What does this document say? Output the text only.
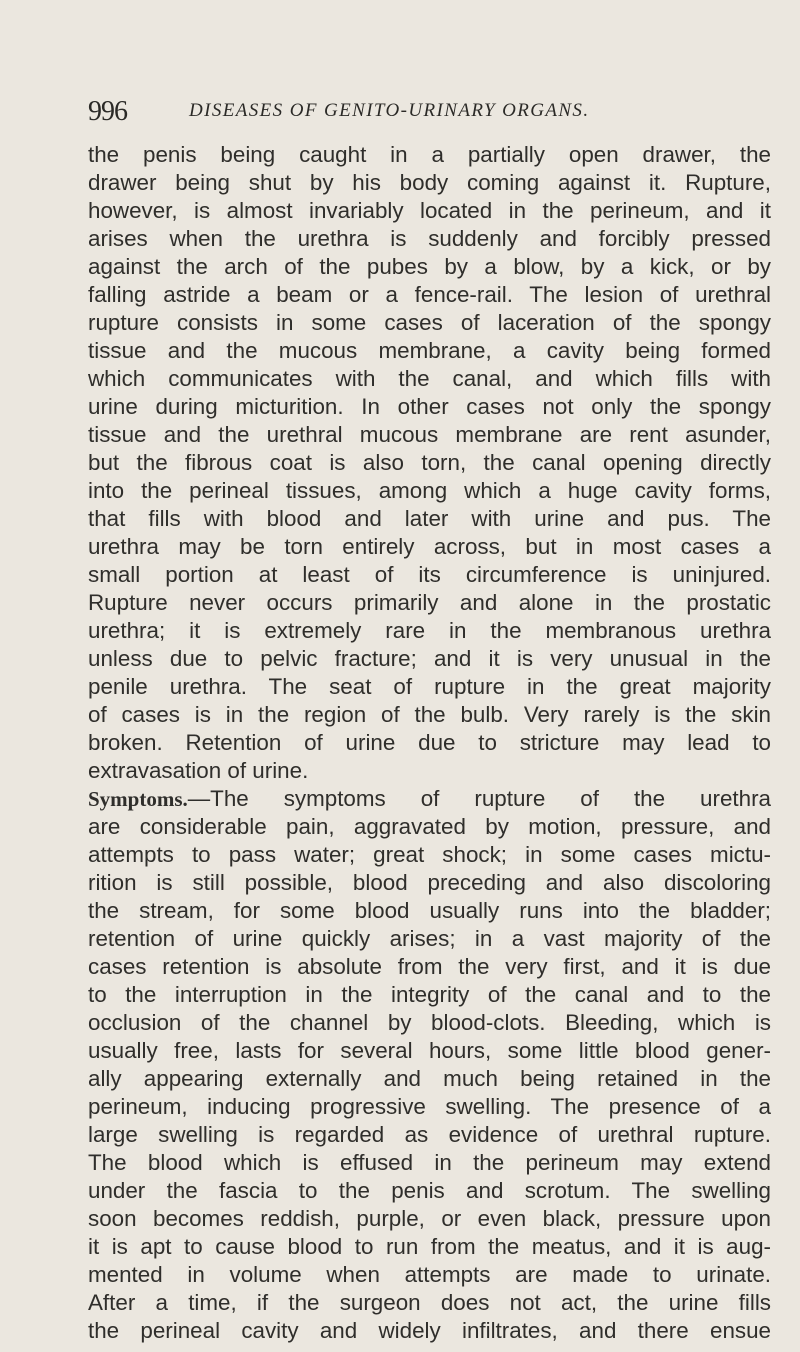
996	DISEASES OF GENITO-URINARY ORGANS.
the penis being caught in a partially open drawer, the
drawer being shut by his body coming against it. Rupture,
however, is almost invariably located in the perineum, and it
arises when the urethra is suddenly and forcibly pressed
against the arch of the pubes by a blow, by a kick, or by
falling astride a beam or a fence-rail. The lesion of urethral
rupture consists in some cases of laceration of the spongy
tissue and the mucous membrane, a cavity being formed
which communicates with the canal, and which fills with
urine during micturition. In other cases not only the spongy
tissue and the urethral mucous membrane are rent asunder,
but the fibrous coat is also torn, the canal opening directly
into the perineal tissues, among which a huge cavity forms,
that fills with blood and later with urine and pus. The
urethra may be torn entirely across, but in most cases a
small portion at least of its circumference is uninjured.
Rupture never occurs primarily and alone in the prostatic
urethra; it is extremely rare in the membranous urethra
unless due to pelvic fracture; and it is very unusual in the
penile urethra. The seat of rupture in the great majority
of cases is in the region of the bulb. Very rarely is the skin
broken. Retention of urine due to stricture may lead to
extravasation of urine.
Symptoms.—The symptoms of rupture of the urethra
are considerable pain, aggravated by motion, pressure, and
attempts to pass water; great shock; in some cases mictu-
rition is still possible, blood preceding and also discoloring
the stream, for some blood usually runs into the bladder;
retention of urine quickly arises; in a vast majority of the
cases retention is absolute from the very first, and it is due
to the interruption in the integrity of the canal and to the
occlusion of the channel by blood-clots. Bleeding, which is
usually free, lasts for several hours, some little blood gener-
ally appearing externally and much being retained in the
perineum, inducing progressive swelling. The presence of a
large swelling is regarded as evidence of urethral rupture.
The blood which is effused in the perineum may extend
under the fascia to the penis and scrotum. The swelling
soon becomes reddish, purple, or even black, pressure upon
it is apt to cause blood to run from the meatus, and it is aug-
mented in volume when attempts are made to urinate.
After a time, if the surgeon does not act, the urine fills
the perineal cavity and widely infiltrates, and there ensue
